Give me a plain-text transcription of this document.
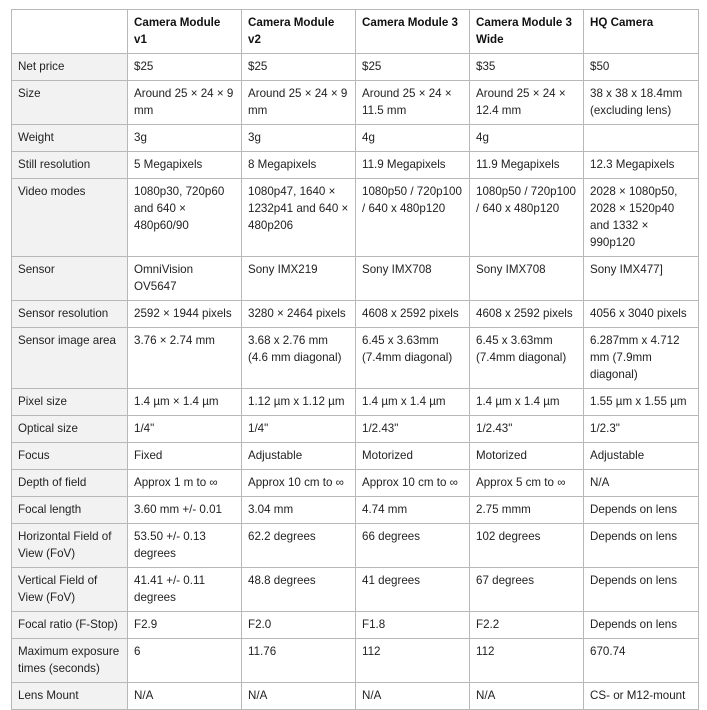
	Camera Module v1	Camera Module v2	Camera Module 3	Camera Module 3 Wide	HQ Camera
Net price	$25	$25	$25	$35	$50
Size	Around 25 × 24 × 9 mm	Around 25 × 24 × 9 mm	Around 25 × 24 × 11.5 mm	Around 25 × 24 × 12.4 mm	38 x 38 x 18.4mm (excluding lens)
Weight	3g	3g	4g	4g	
Still resolution	5 Megapixels	8 Megapixels	11.9 Megapixels	11.9 Megapixels	12.3 Megapixels
Video modes	1080p30, 720p60 and 640 × 480p60/90	1080p47, 1640 × 1232p41 and 640 × 480p206	1080p50 / 720p100 / 640 x 480p120	1080p50 / 720p100 / 640 x 480p120	2028 × 1080p50, 2028 × 1520p40 and 1332 × 990p120
Sensor	OmniVision OV5647	Sony IMX219	Sony IMX708	Sony IMX708	Sony IMX477]
Sensor resolution	2592 × 1944 pixels	3280 × 2464 pixels	4608 x 2592 pixels	4608 x 2592 pixels	4056 x 3040 pixels
Sensor image area	3.76 × 2.74 mm	3.68 x 2.76 mm (4.6 mm diagonal)	6.45 x 3.63mm (7.4mm diagonal)	6.45 x 3.63mm (7.4mm diagonal)	6.287mm x 4.712 mm (7.9mm diagonal)
Pixel size	1.4 µm × 1.4 µm	1.12 µm x 1.12 µm	1.4 µm x 1.4 µm	1.4 µm x 1.4 µm	1.55 µm x 1.55 µm
Optical size	1/4"	1/4"	1/2.43"	1/2.43"	1/2.3"
Focus	Fixed	Adjustable	Motorized	Motorized	Adjustable
Depth of field	Approx 1 m to ∞	Approx 10 cm to ∞	Approx 10 cm to ∞	Approx 5 cm to ∞	N/A
Focal length	3.60 mm +/- 0.01	3.04 mm	4.74 mm	2.75 mmm	Depends on lens
Horizontal Field of View (FoV)	53.50 +/- 0.13 degrees	62.2 degrees	66 degrees	102 degrees	Depends on lens
Vertical Field of View (FoV)	41.41 +/- 0.11 degrees	48.8 degrees	41 degrees	67 degrees	Depends on lens
Focal ratio (F-Stop)	F2.9	F2.0	F1.8	F2.2	Depends on lens
Maximum exposure times (seconds)	6	11.76	112	112	670.74
Lens Mount	N/A	N/A	N/A	N/A	CS- or M12-mount
